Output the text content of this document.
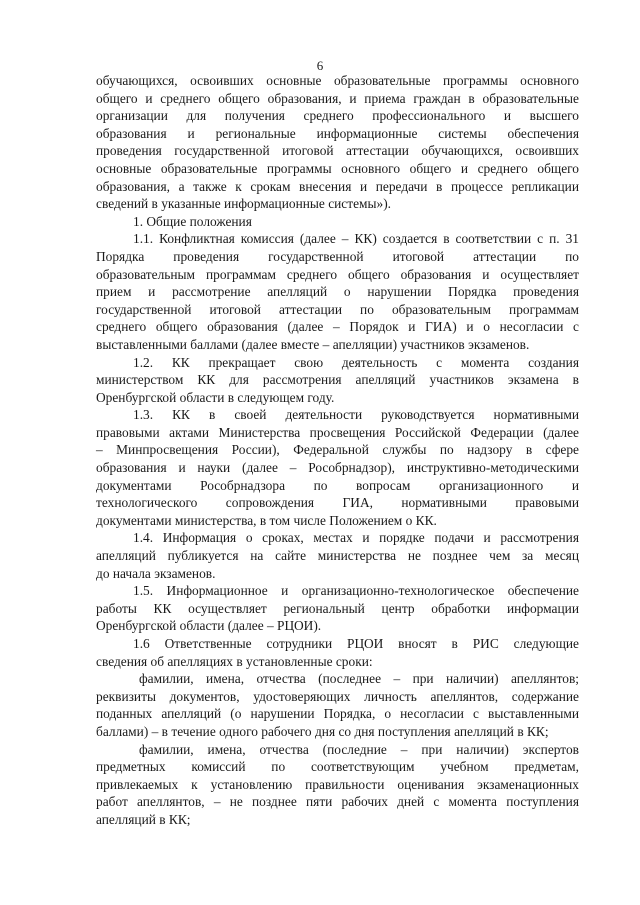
6
обучающихся, освоивших основные образовательные программы основного
общего и среднего общего образования, и приема граждан в образовательные
организации для получения среднего профессионального и высшего
образования и региональные информационные системы обеспечения
проведения государственной итоговой аттестации обучающихся, освоивших
основные образовательные программы основного общего и среднего общего
образования, а также к срокам внесения и передачи в процессе репликации
сведений в указанные информационные системы»).
1. Общие положения
1.1. Конфликтная комиссия (далее – КК) создается в соответствии с п. 31
Порядка проведения государственной итоговой аттестации по
образовательным программам среднего общего образования и осуществляет
прием и рассмотрение апелляций о нарушении Порядка проведения
государственной итоговой аттестации по образовательным программам
среднего общего образования (далее – Порядок и ГИА) и о несогласии с
выставленными баллами (далее вместе – апелляции) участников экзаменов.
1.2. КК прекращает свою деятельность с момента создания
министерством КК для рассмотрения апелляций участников экзамена в
Оренбургской области в следующем году.
1.3. КК в своей деятельности руководствуется нормативными
правовыми актами Министерства просвещения Российской Федерации (далее
– Минпросвещения России), Федеральной службы по надзору в сфере
образования и науки (далее – Рособрнадзор), инструктивно-методическими
документами Рособрнадзора по вопросам организационного и
технологического сопровождения ГИА, нормативными правовыми
документами министерства, в том числе Положением о КК.
1.4. Информация о сроках, местах и порядке подачи и рассмотрения
апелляций публикуется на сайте министерства не позднее чем за месяц
до начала экзаменов.
1.5. Информационное и организационно-технологическое обеспечение
работы КК осуществляет региональный центр обработки информации
Оренбургской области (далее – РЦОИ).
1.6 Ответственные сотрудники РЦОИ вносят в РИС следующие
сведения об апелляциях в установленные сроки:
фамилии, имена, отчества (последнее – при наличии) апеллянтов;
реквизиты документов, удостоверяющих личность апеллянтов, содержание
поданных апелляций (о нарушении Порядка, о несогласии с выставленными
баллами) – в течение одного рабочего дня со дня поступления апелляций в КК;
фамилии, имена, отчества (последние – при наличии) экспертов
предметных комиссий по соответствующим учебном предметам,
привлекаемых к установлению правильности оценивания экзаменационных
работ апеллянтов, – не позднее пяти рабочих дней с момента поступления
апелляций в КК;
